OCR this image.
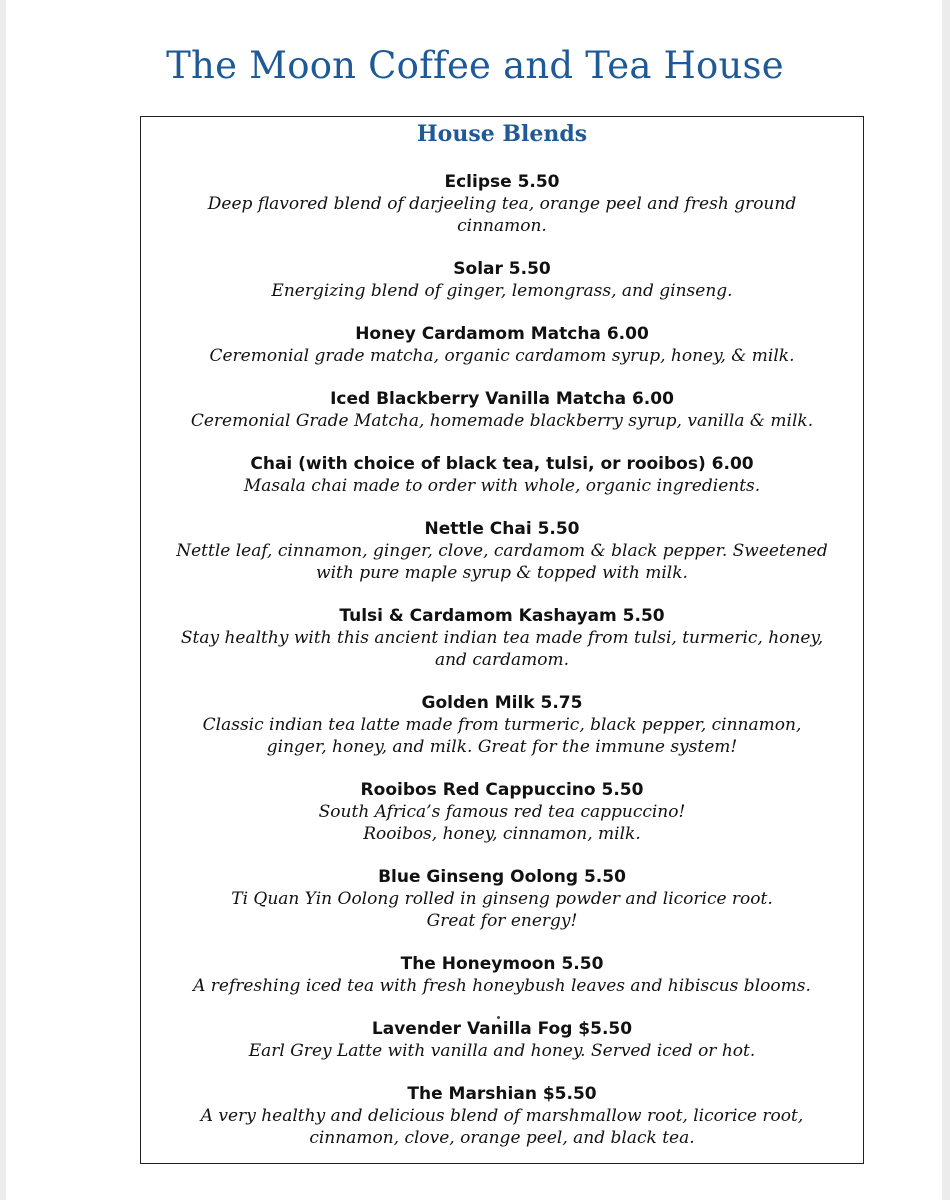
The Moon Coffee and Tea House
House Blends
Eclipse 5.50
Deep flavored blend of darjeeling tea, orange peel and fresh ground
cinnamon.
Solar 5.50
Energizing blend of ginger, lemongrass, and ginseng.
Honey Cardamom Matcha 6.00
Ceremonial grade matcha, organic cardamom syrup, honey, & milk.
Iced Blackberry Vanilla Matcha 6.00
Ceremonial Grade Matcha, homemade blackberry syrup, vanilla & milk.
Chai (with choice of black tea, tulsi, or rooibos) 6.00
Masala chai made to order with whole, organic ingredients.
Nettle Chai 5.50
Nettle leaf, cinnamon, ginger, clove, cardamom & black pepper. Sweetened
with pure maple syrup & topped with milk.
Tulsi & Cardamom Kashayam 5.50
Stay healthy with this ancient indian tea made from tulsi, turmeric, honey,
and cardamom.
Golden Milk 5.75
Classic indian tea latte made from turmeric, black pepper, cinnamon,
ginger, honey, and milk. Great for the immune system!
Rooibos Red Cappuccino 5.50
South Africa’s famous red tea cappuccino!
Rooibos, honey, cinnamon, milk.
Blue Ginseng Oolong 5.50
Ti Quan Yin Oolong rolled in ginseng powder and licorice root.
Great for energy!
The Honeymoon 5.50
A refreshing iced tea with fresh honeybush leaves and hibiscus blooms.
Lavender Vanilla Fog $5.50
Earl Grey Latte with vanilla and honey. Served iced or hot.
The Marshian $5.50
A very healthy and delicious blend of marshmallow root, licorice root,
cinnamon, clove, orange peel, and black tea.
